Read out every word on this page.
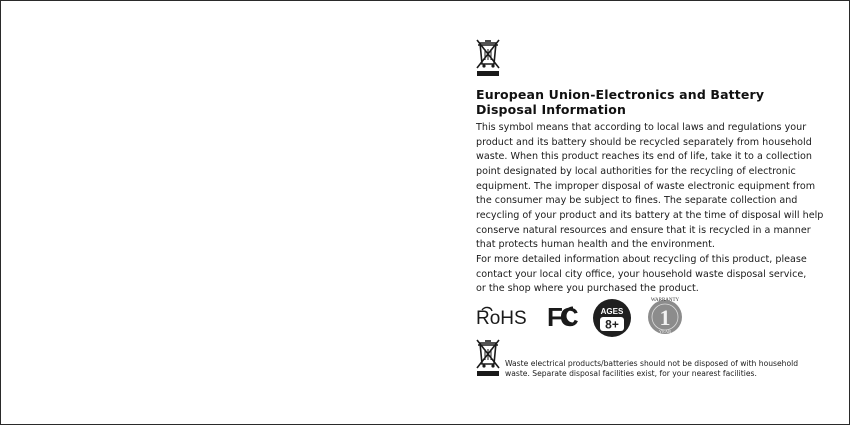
European Union-Electronics and Battery Disposal Information

This symbol means that according to local laws and regulations your

product and its battery should be recycled separately from household

waste. When this product reaches its end of life, take it to a collection

point designated by local authorities for the recycling of electronic

equipment. The improper disposal of waste electronic equipment from

the consumer may be subject to fines. The separate collection and

recycling of your product and its battery at the time of disposal will help

conserve natural resources and ensure that it is recycled in a manner

that protects human health and the environment.

For more detailed information about recycling of this product, please

contact your local city office, your household waste disposal service,

or the shop where you purchased the product.

RoHS FC	AGES
8+
WARRANTY
1
YEAR

Waste electrical products/batteries should not be disposed of with household

waste. Separate disposal facilities exist, for your nearest facilities.
